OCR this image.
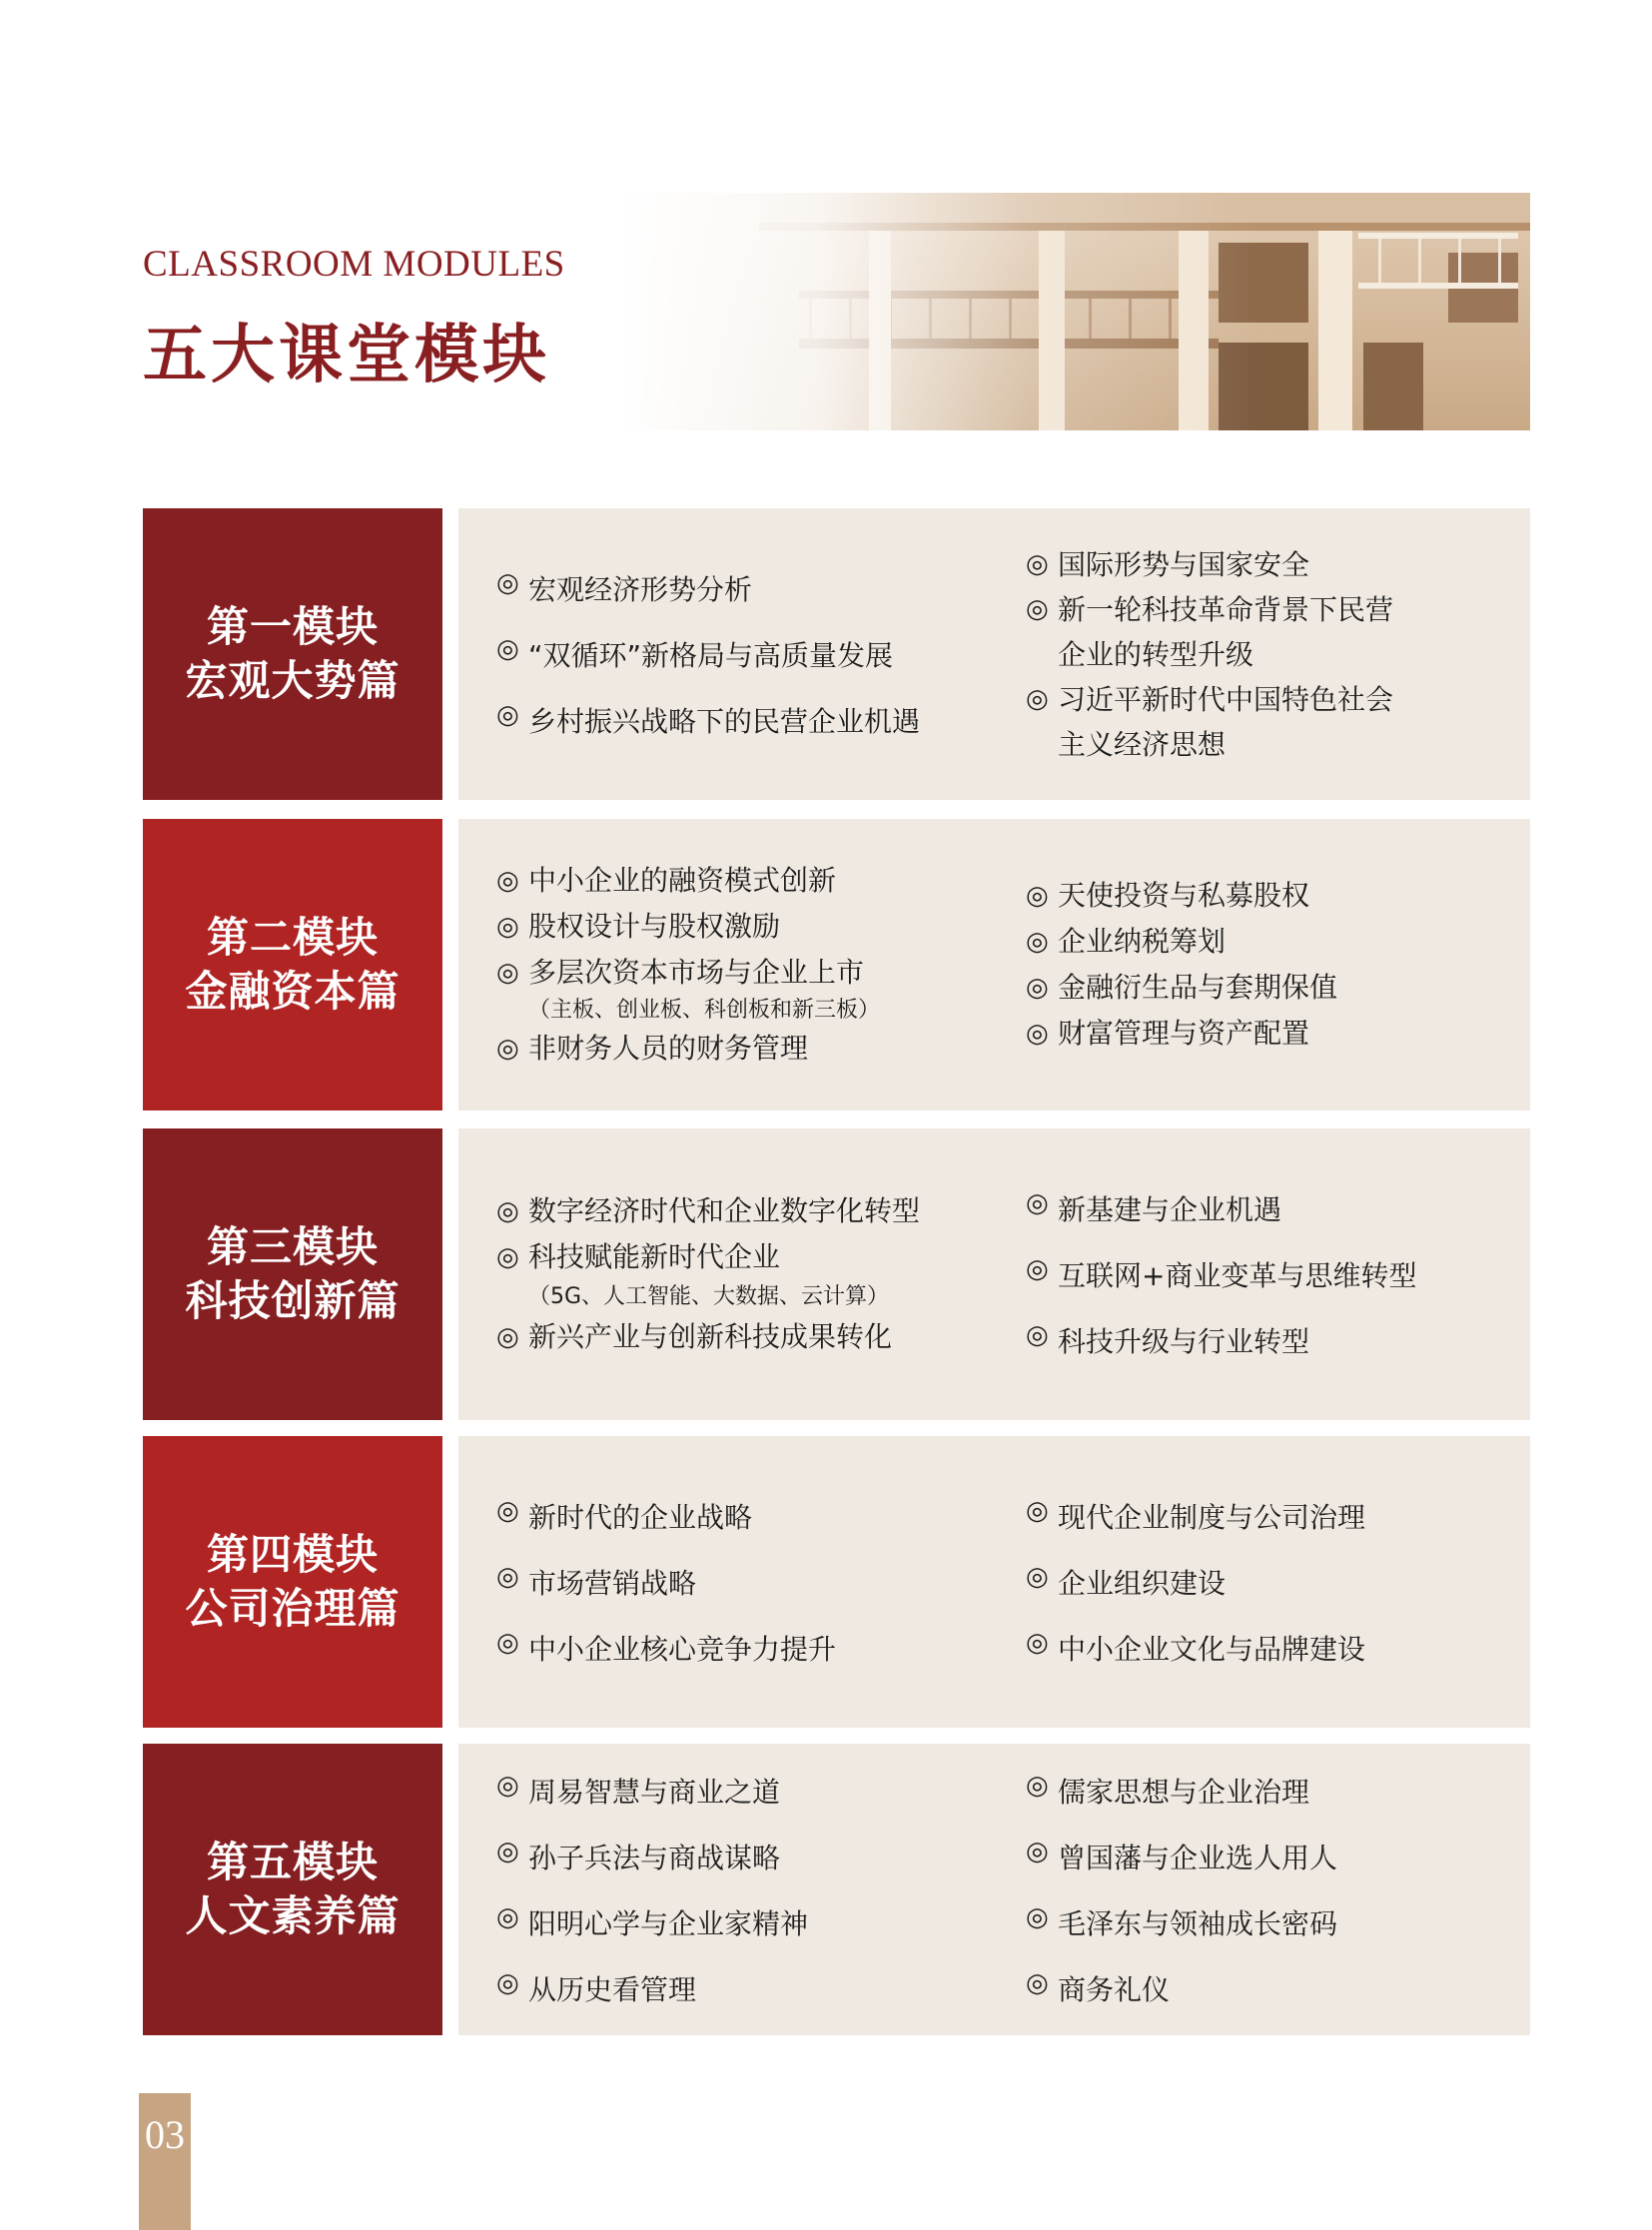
CLASSROOM MODULES
五大课堂模块
第一模块
宏观大势篇
◎ 宏观经济形势分析
◎ “双循环”新格局与高质量发展
◎ 乡村振兴战略下的民营企业机遇
◎ 国际形势与国家安全
◎ 新一轮科技革命背景下民营
企业的转型升级
◎ 习近平新时代中国特色社会
主义经济思想
第二模块
金融资本篇
◎ 中小企业的融资模式创新
◎ 股权设计与股权激励
◎ 多层次资本市场与企业上市
（主板、创业板、科创板和新三板）
◎ 非财务人员的财务管理
◎ 天使投资与私募股权
◎ 企业纳税筹划
◎ 金融衍生品与套期保值
◎ 财富管理与资产配置
第三模块
科技创新篇
◎ 数字经济时代和企业数字化转型
◎ 科技赋能新时代企业
（5G、人工智能、大数据、云计算）
◎ 新兴产业与创新科技成果转化
◎ 新基建与企业机遇
◎ 互联网+商业变革与思维转型
◎ 科技升级与行业转型
第四模块
公司治理篇
◎ 新时代的企业战略
◎ 市场营销战略
◎ 中小企业核心竞争力提升
◎ 现代企业制度与公司治理
◎ 企业组织建设
◎ 中小企业文化与品牌建设
第五模块
人文素养篇
◎ 周易智慧与商业之道
◎ 孙子兵法与商战谋略
◎ 阳明心学与企业家精神
◎ 从历史看管理
◎ 儒家思想与企业治理
◎ 曾国藩与企业选人用人
◎ 毛泽东与领袖成长密码
◎ 商务礼仪
03
